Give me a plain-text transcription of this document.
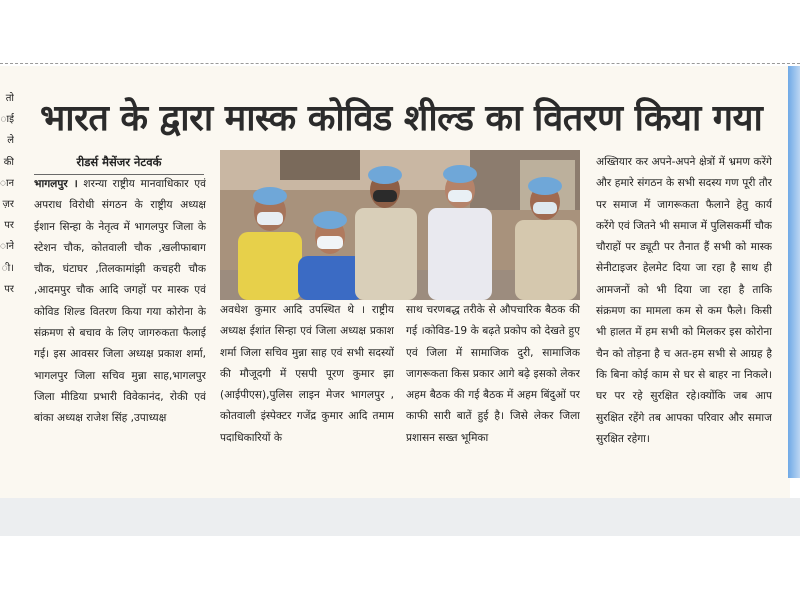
तो
ाई
ले
की
ान
ज़र
पर
ाने
ी।
पर
भारत के द्वारा मास्क कोविड शील्ड का वितरण किया गया
रीडर्स मैसेंजर नेटवर्क
भागलपुर । शरन्या राष्ट्रीय मानवाधिकार एवं अपराध विरोधी संगठन के राष्ट्रीय अध्यक्ष ईशान सिन्हा के नेतृत्व में भागलपुर जिला के स्टेशन चौक, कोतवाली चौक ,खलीफाबाग चौक, घंटाघर ,तिलकामांझी कचहरी चौक ,आदमपुर चौक आदि जगहों पर मास्क एवं कोविड शिल्ड वितरण किया गया कोरोना के संक्रमण से बचाव के लिए जागरुकता फैलाई गई। इस आवसर जिला अध्यक्ष प्रकाश शर्मा, भागलपुर जिला सचिव मुन्ना साह,भागलपुर जिला मीडिया प्रभारी विवेकानंद, रोकी एवं बांका अध्यक्ष राजेश सिंह ,उपाध्यक्ष
अवधेश कुमार आदि उपस्थित थे । राष्ट्रीय अध्यक्ष ईशांत सिन्हा एवं जिला अध्यक्ष प्रकाश शर्मा जिला सचिव मुन्ना साह एवं सभी सदस्यों की मौजूदगी में एसपी पूरण कुमार झा (आईपीएस),पुलिस लाइन मेजर भागलपुर , कोतवाली इंस्पेक्टर गजेंद्र कुमार आदि तमाम पदाधिकारियों के
साथ चरणबद्ध तरीके से औपचारिक बैठक की गई ।कोविड-19 के बढ़ते प्रकोप को देखते हुए एवं जिला में सामाजिक दुरी, सामाजिक जागरूकता किस प्रकार आगे बढ़े इसको लेकर अहम बैठक की गई बैठक में अहम बिंदुओं पर काफी सारी बातें हुई है। जिसे लेकर जिला प्रशासन सख्त भूमिका
अख्तियार कर अपने-अपने क्षेत्रों में भ्रमण करेंगे और हमारे संगठन के सभी सदस्य गण पूरी तौर पर समाज में जागरूकता फैलाने हेतु कार्य करेंगे एवं जितने भी समाज में पुलिसकर्मी चौक चौराहों पर ड्यूटी पर तैनात हैं सभी को मास्क सेनीटाइजर हेलमेट दिया जा रहा है साथ ही आमजनों को भी दिया जा रहा है ताकि संक्रमण का मामला कम से कम फैले। किसी भी हालत में हम सभी को मिलकर इस कोरोना चैन को तोड़ना है च अत-हम सभी से आग्रह है कि बिना कोई काम से घर से बाहर ना निकले।घर पर रहे सुरक्षित रहे।क्योंकि जब आप सुरक्षित रहेंगे तब आपका परिवार और समाज सुरक्षित रहेगा।
